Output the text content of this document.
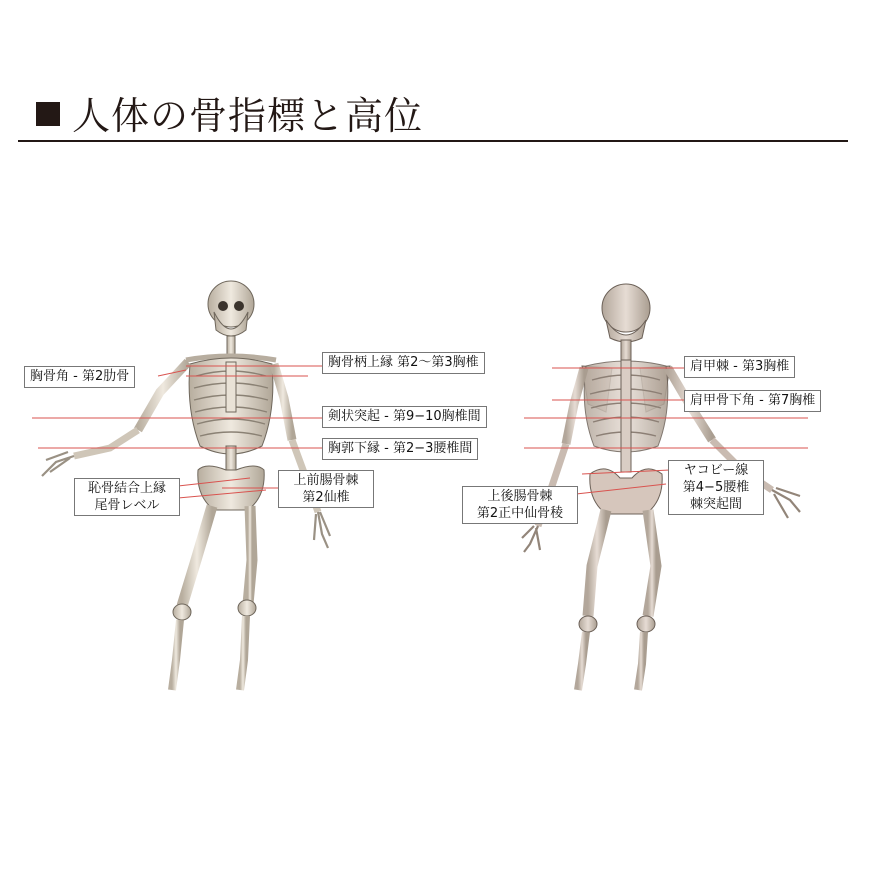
人体の骨指標と高位
胸骨角 - 第2肋骨
胸骨柄上縁 第2〜第3胸椎
剣状突起 - 第9−10胸椎間
胸郭下縁 - 第2−3腰椎間
恥骨結合上縁
尾骨レベル
上前腸骨棘
第2仙椎
肩甲棘 - 第3胸椎
肩甲骨下角 - 第7胸椎
ヤコビー線
第4−5腰椎
棘突起間
上後腸骨棘
第2正中仙骨稜
